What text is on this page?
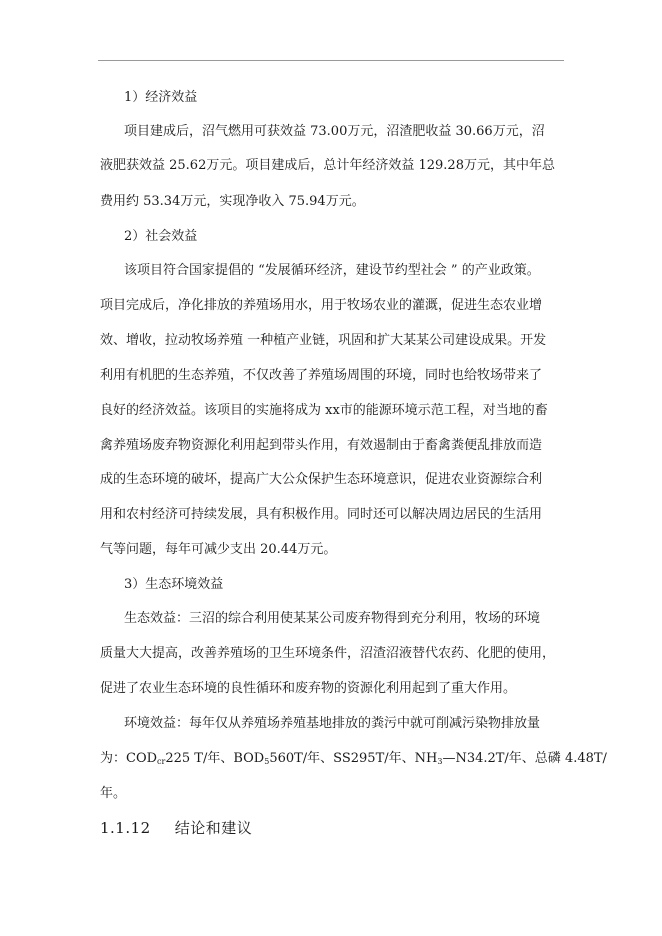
1）经济效益
项目建成后，沼气燃用可获效益 73.00万元，沼渣肥收益 30.66万元，沼
液肥获效益 25.62万元。项目建成后，总计年经济效益 129.28万元，其中年总
费用约 53.34万元，实现净收入 75.94万元。
2）社会效益
该项目符合国家提倡的 “发展循环经济，建设节约型社会 ” 的产业政策。
项目完成后，净化排放的养殖场用水，用于牧场农业的灌溉，促进生态农业增
效、增收，拉动牧场养殖 一种植产业链，巩固和扩大某某公司建设成果。开发
利用有机肥的生态养殖，不仅改善了养殖场周围的环境，同时也给牧场带来了
良好的经济效益。该项目的实施将成为 xx市的能源环境示范工程，对当地的畜
禽养殖场废弃物资源化利用起到带头作用，有效遏制由于畜禽粪便乱排放而造
成的生态环境的破坏，提高广大公众保护生态环境意识，促进农业资源综合利
用和农村经济可持续发展，具有积极作用。同时还可以解决周边居民的生活用
气等问题，每年可减少支出 20.44万元。
3）生态环境效益
生态效益：三沼的综合利用使某某公司废弃物得到充分利用，牧场的环境
质量大大提高，改善养殖场的卫生环境条件，沼渣沼液替代农药、化肥的使用，
促进了农业生态环境的良性循环和废弃物的资源化利用起到了重大作用。
环境效益：每年仅从养殖场养殖基地排放的粪污中就可削减污染物排放量
为：$COD_{cr}225$ T/年、$BOD_5560T/$年、SS295T/年、$NH_3—N34.2T/$年、总磷 4.48T/
年。
1.1.12 结论和建议
